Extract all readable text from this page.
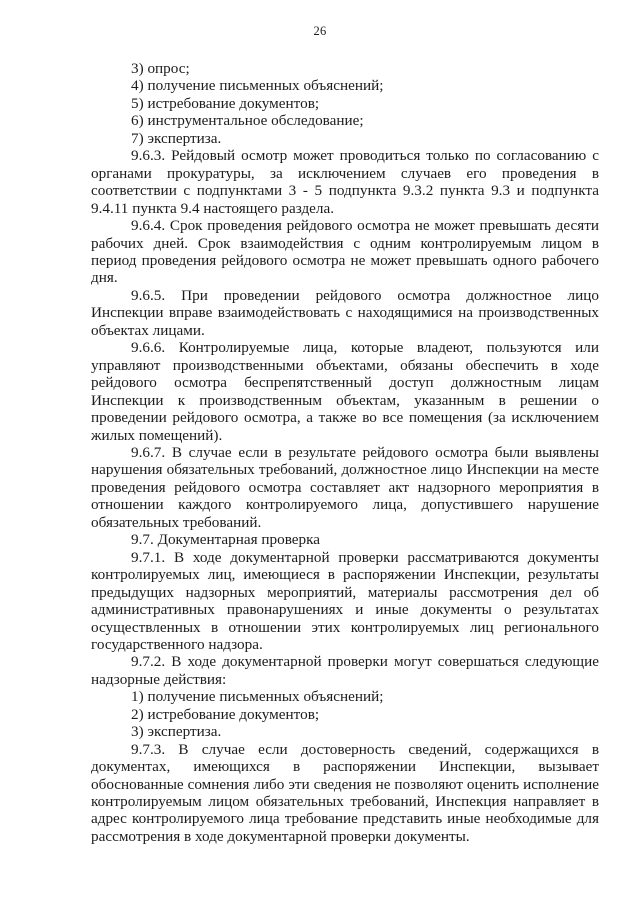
26

3) опрос;

4) получение письменных объяснений;

5) истребование документов;

6) инструментальное обследование;

7) экспертиза.

9.6.3. Рейдовый осмотр может проводиться только по согласованию с органами прокуратуры, за исключением случаев его проведения в соответствии с подпунктами 3 - 5 подпункта 9.3.2 пункта 9.3 и подпункта 9.4.11 пункта 9.4 настоящего раздела.

9.6.4. Срок проведения рейдового осмотра не может превышать десяти рабочих дней. Срок взаимодействия с одним контролируемым лицом в период проведения рейдового осмотра не может превышать одного рабочего дня.

9.6.5. При проведении рейдового осмотра должностное лицо Инспекции вправе взаимодействовать с находящимися на производственных объектах лицами.

9.6.6. Контролируемые лица, которые владеют, пользуются или управляют производственными объектами, обязаны обеспечить в ходе рейдового осмотра беспрепятственный доступ должностным лицам Инспекции к производственным объектам, указанным в решении о проведении рейдового осмотра, а также во все помещения (за исключением жилых помещений).

9.6.7. В случае если в результате рейдового осмотра были выявлены нарушения обязательных требований, должностное лицо Инспекции на месте проведения рейдового осмотра составляет акт надзорного мероприятия в отношении каждого контролируемого лица, допустившего нарушение обязательных требований.

9.7. Документарная проверка

9.7.1. В ходе документарной проверки рассматриваются документы контролируемых лиц, имеющиеся в распоряжении Инспекции, результаты предыдущих надзорных мероприятий, материалы рассмотрения дел об административных правонарушениях и иные документы о результатах осуществленных в отношении этих контролируемых лиц регионального государственного надзора.

9.7.2. В ходе документарной проверки могут совершаться следующие надзорные действия:

1) получение письменных объяснений;

2) истребование документов;

3) экспертиза.

9.7.3. В случае если достоверность сведений, содержащихся в документах, имеющихся в распоряжении Инспекции, вызывает обоснованные сомнения либо эти сведения не позволяют оценить исполнение контролируемым лицом обязательных требований, Инспекция направляет в адрес контролируемого лица требование представить иные необходимые для рассмотрения в ходе документарной проверки документы.
